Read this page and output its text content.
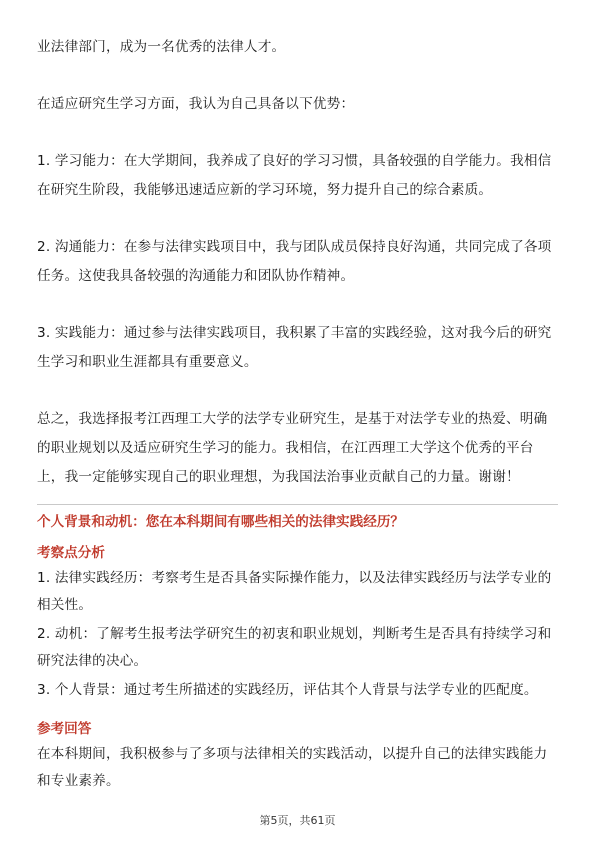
业法律部门，成为一名优秀的法律人才。

在适应研究生学习方面，我认为自己具备以下优势：

1. 学习能力：在大学期间，我养成了良好的学习习惯，具备较强的自学能力。我相信在研究生阶段，我能够迅速适应新的学习环境，努力提升自己的综合素质。

2. 沟通能力：在参与法律实践项目中，我与团队成员保持良好沟通，共同完成了各项任务。这使我具备较强的沟通能力和团队协作精神。

3. 实践能力：通过参与法律实践项目，我积累了丰富的实践经验，这对我今后的研究生学习和职业生涯都具有重要意义。

总之，我选择报考江西理工大学的法学专业研究生，是基于对法学专业的热爱、明确的职业规划以及适应研究生学习的能力。我相信，在江西理工大学这个优秀的平台上，我一定能够实现自己的职业理想，为我国法治事业贡献自己的力量。谢谢！

个人背景和动机：您在本科期间有哪些相关的法律实践经历？

考察点分析

1. 法律实践经历：考察考生是否具备实际操作能力，以及法律实践经历与法学专业的相关性。

2. 动机：了解考生报考法学研究生的初衷和职业规划，判断考生是否具有持续学习和研究法律的决心。

3. 个人背景：通过考生所描述的实践经历，评估其个人背景与法学专业的匹配度。

参考回答

在本科期间，我积极参与了多项与法律相关的实践活动，以提升自己的法律实践能力和专业素养。

第5页，共61页
